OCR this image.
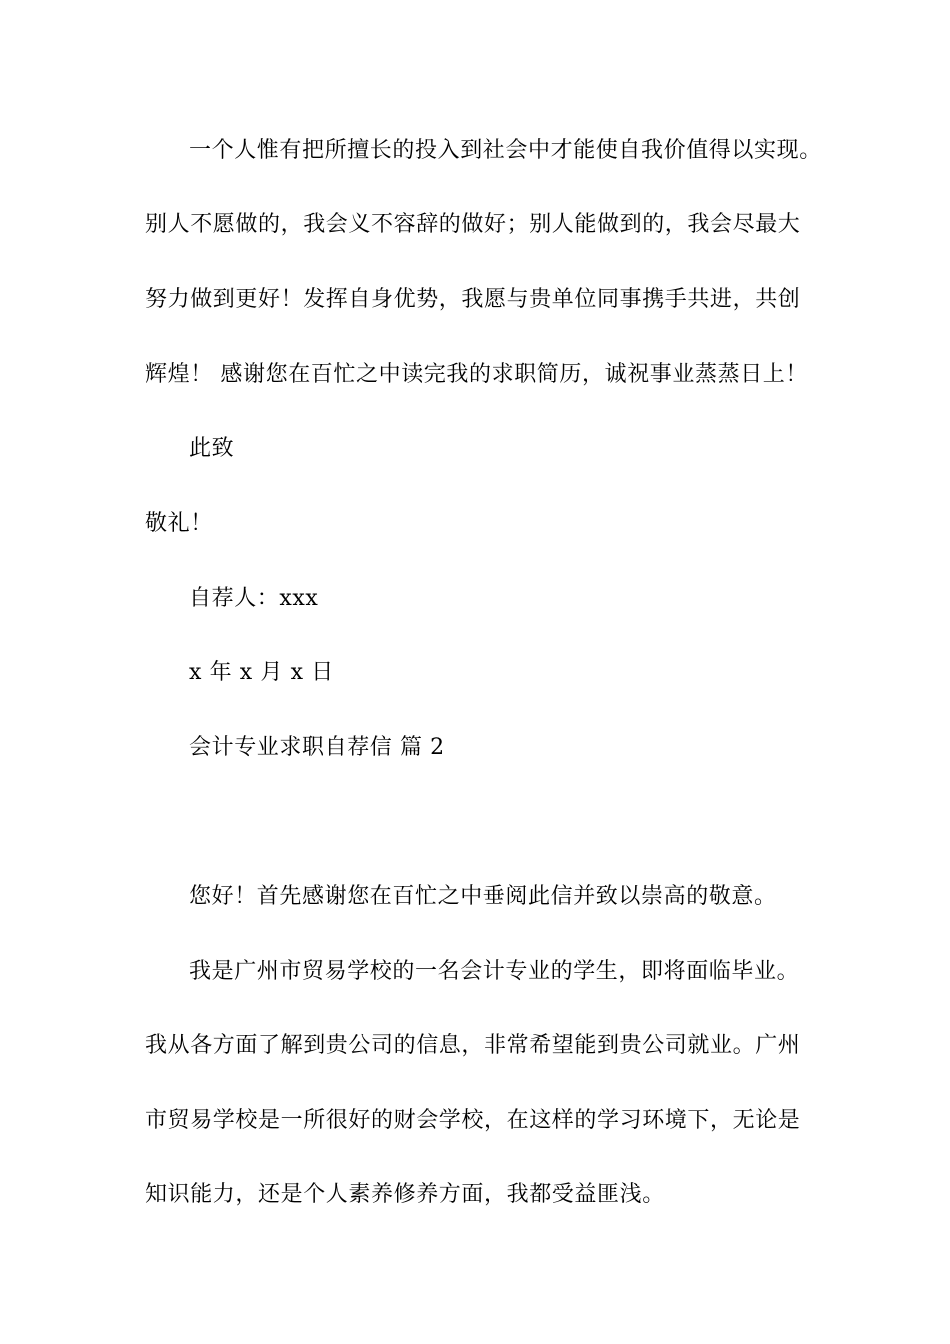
一个人惟有把所擅长的投入到社会中才能使自我价值得以实现。
别人不愿做的，我会义不容辞的做好；别人能做到的，我会尽最大
努力做到更好！发挥自身优势，我愿与贵单位同事携手共进，共创
辉煌！ 感谢您在百忙之中读完我的求职简历，诚祝事业蒸蒸日上！
此致
敬礼！
自荐人：xxx
x 年 x 月 x 日
会计专业求职自荐信 篇 2
您好！首先感谢您在百忙之中垂阅此信并致以崇高的敬意。
我是广州市贸易学校的一名会计专业的学生，即将面临毕业。
我从各方面了解到贵公司的信息，非常希望能到贵公司就业。广州
市贸易学校是一所很好的财会学校，在这样的学习环境下，无论是
知识能力，还是个人素养修养方面，我都受益匪浅。
